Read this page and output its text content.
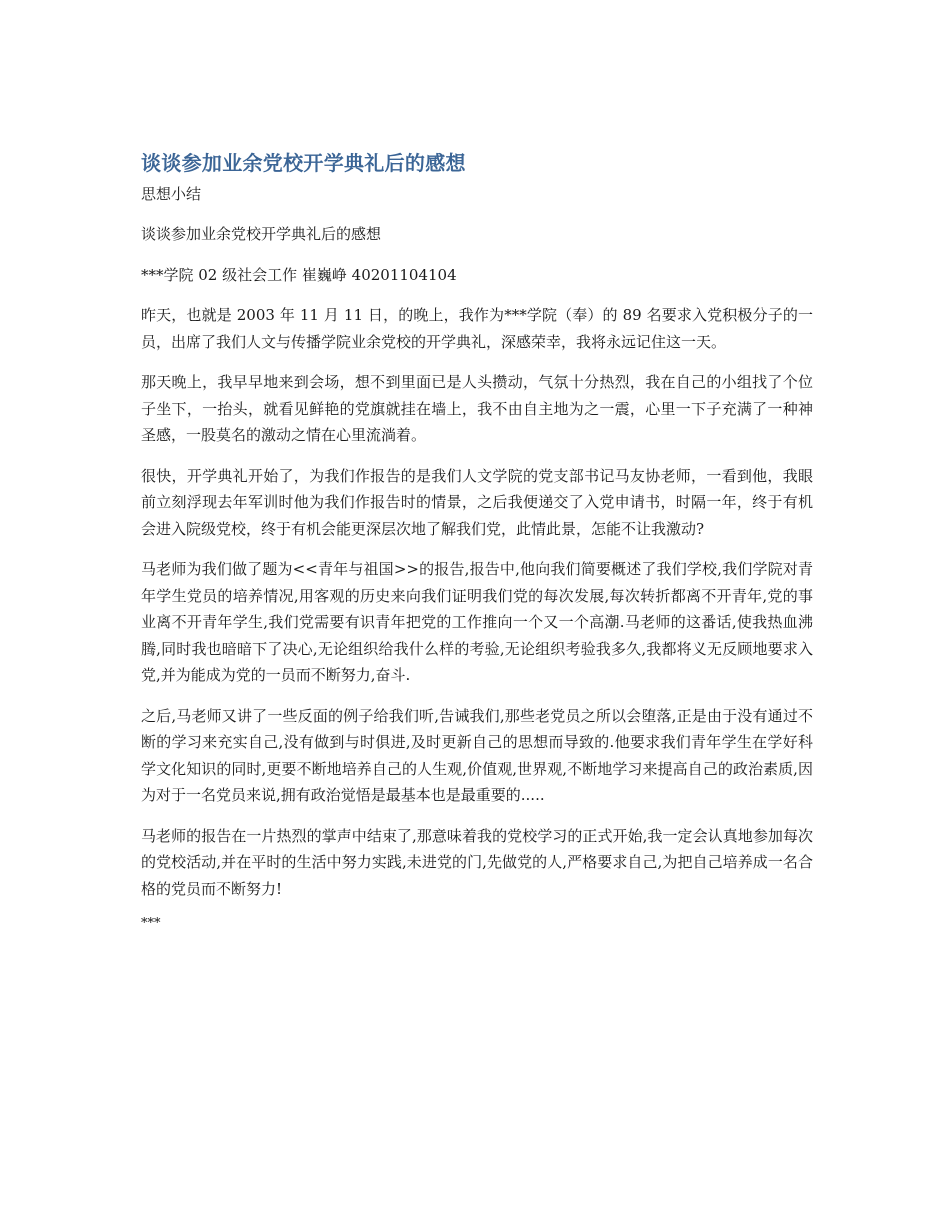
谈谈参加业余党校开学典礼后的感想
思想小结

谈谈参加业余党校开学典礼后的感想

***学院 02 级社会工作 崔巍峥 40201104104

昨天，也就是 2003 年 11 月 11 日，的晚上，我作为***学院（奉）的 89 名要求入党积极分子的一员，出席了我们人文与传播学院业余党校的开学典礼，深感荣幸，我将永远记住这一天。

那天晚上，我早早地来到会场，想不到里面已是人头攒动，气氛十分热烈，我在自己的小组找了个位子坐下，一抬头，就看见鲜艳的党旗就挂在墙上，我不由自主地为之一震，心里一下子充满了一种神圣感，一股莫名的激动之情在心里流淌着。

很快，开学典礼开始了，为我们作报告的是我们人文学院的党支部书记马友协老师，一看到他，我眼前立刻浮现去年军训时他为我们作报告时的情景，之后我便递交了入党申请书，时隔一年，终于有机会进入院级党校，终于有机会能更深层次地了解我们党，此情此景，怎能不让我激动?

马老师为我们做了题为<<青年与祖国>>的报告,报告中,他向我们简要概述了我们学校,我们学院对青年学生党员的培养情况,用客观的历史来向我们证明我们党的每次发展,每次转折都离不开青年,党的事业离不开青年学生,我们党需要有识青年把党的工作推向一个又一个高潮.马老师的这番话,使我热血沸腾,同时我也暗暗下了决心,无论组织给我什么样的考验,无论组织考验我多久,我都将义无反顾地要求入党,并为能成为党的一员而不断努力,奋斗.

之后,马老师又讲了一些反面的例子给我们听,告诫我们,那些老党员之所以会堕落,正是由于没有通过不断的学习来充实自己,没有做到与时俱进,及时更新自己的思想而导致的.他要求我们青年学生在学好科学文化知识的同时,更要不断地培养自己的人生观,价值观,世界观,不断地学习来提高自己的政治素质,因为对于一名党员来说,拥有政治觉悟是最基本也是最重要的.....

马老师的报告在一片热烈的掌声中结束了,那意味着我的党校学习的正式开始,我一定会认真地参加每次的党校活动,并在平时的生活中努力实践,未进党的门,先做党的人,严格要求自己,为把自己培养成一名合格的党员而不断努力!

***
